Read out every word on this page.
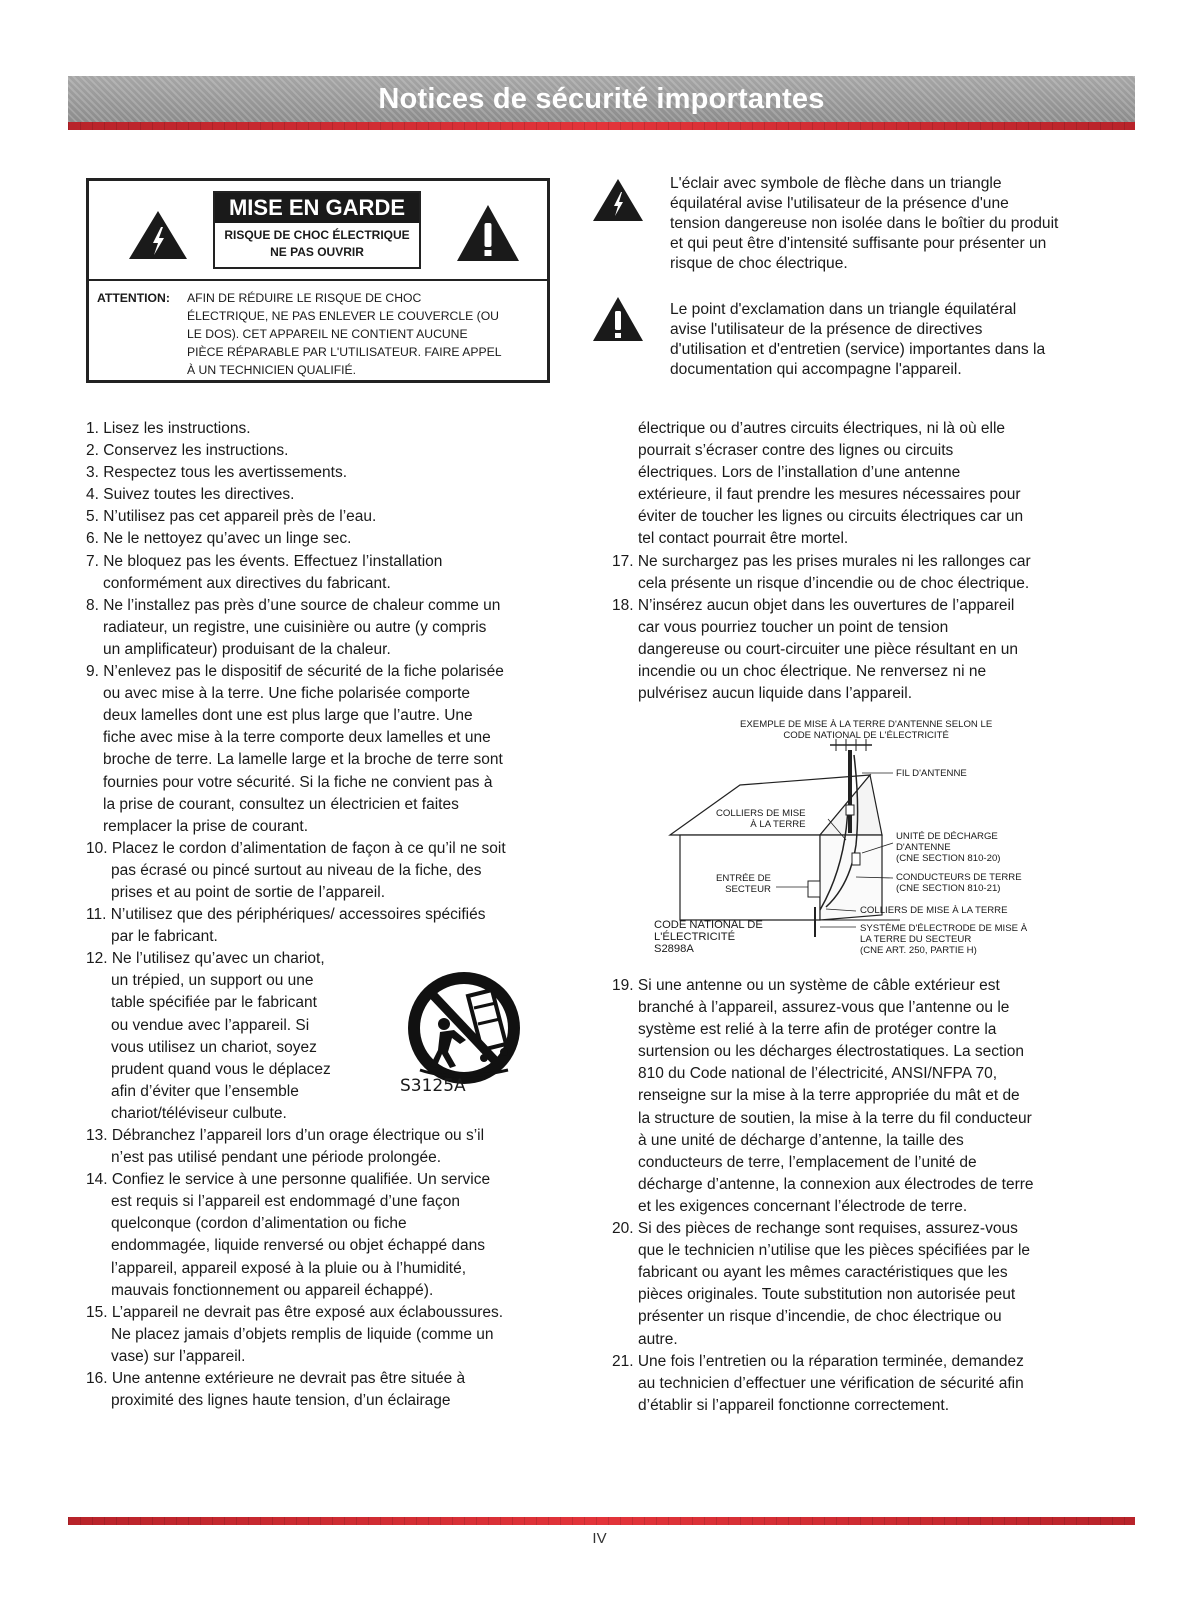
Notices de sécurité importantes
MISE EN GARDE
RISQUE DE CHOC ÉLECTRIQUE
NE PAS OUVRIR
ATTENTION:	AFIN DE RÉDUIRE LE RISQUE DE CHOC
ÉLECTRIQUE, NE PAS ENLEVER LE COUVERCLE (OU
LE DOS). CET APPAREIL NE CONTIENT AUCUNE
PIÈCE RÉPARABLE PAR L'UTILISATEUR. FAIRE APPEL
À UN TECHNICIEN QUALIFIÉ.
L'éclair avec symbole de flèche dans un triangle
équilatéral avise l'utilisateur de la présence d'une
tension dangereuse non isolée dans le boîtier du produit
et qui peut être d'intensité suffisante pour présenter un
risque de choc électrique.
Le point d'exclamation dans un triangle équilatéral
avise l'utilisateur de la présence de directives
d'utilisation et d'entretien (service) importantes dans la
documentation qui accompagne l'appareil.
1. Lisez les instructions.
2. Conservez les instructions.
3. Respectez tous les avertissements.
4. Suivez toutes les directives.
5. N’utilisez pas cet appareil près de l’eau.
6. Ne le nettoyez qu’avec un linge sec.
7. Ne bloquez pas les évents. Effectuez l’installation
conformément aux directives du fabricant.
8. Ne l’installez pas près d’une source de chaleur comme un
radiateur, un registre, une cuisinière ou autre (y compris
un amplificateur) produisant de la chaleur.
9. N’enlevez pas le dispositif de sécurité de la fiche polarisée
ou avec mise à la terre. Une fiche polarisée comporte
deux lamelles dont une est plus large que l’autre. Une
fiche avec mise à la terre comporte deux lamelles et une
broche de terre. La lamelle large et la broche de terre sont
fournies pour votre sécurité. Si la fiche ne convient pas à
la prise de courant, consultez un électricien et faites
remplacer la prise de courant.
10. Placez le cordon d’alimentation de façon à ce qu’il ne soit
pas écrasé ou pincé surtout au niveau de la fiche, des
prises et au point de sortie de l’appareil.
11. N’utilisez que des périphériques/ accessoires spécifiés
par le fabricant.
12. Ne l’utilisez qu’avec un chariot,
un trépied, un support ou une
table spécifiée par le fabricant
ou vendue avec l’appareil. Si
vous utilisez un chariot, soyez
prudent quand vous le déplacez
afin d’éviter que l’ensemble
chariot/téléviseur culbute.
13. Débranchez l’appareil lors d’un orage électrique ou s’il
n’est pas utilisé pendant une période prolongée.
14. Confiez le service à une personne qualifiée. Un service
est requis si l’appareil est endommagé d’une façon
quelconque (cordon d’alimentation ou fiche
endommagée, liquide renversé ou objet échappé dans
l’appareil, appareil exposé à la pluie ou à l’humidité,
mauvais fonctionnement ou appareil échappé).
15. L’appareil ne devrait pas être exposé aux éclaboussures.
Ne placez jamais d’objets remplis de liquide (comme un
vase) sur l’appareil.
16. Une antenne extérieure ne devrait pas être située à
proximité des lignes haute tension, d’un éclairage
S3125A
électrique ou d’autres circuits électriques, ni là où elle
pourrait s’écraser contre des lignes ou circuits
électriques. Lors de l’installation d’une antenne
extérieure, il faut prendre les mesures nécessaires pour
éviter de toucher les lignes ou circuits électriques car un
tel contact pourrait être mortel.
17. Ne surchargez pas les prises murales ni les rallonges car
cela présente un risque d’incendie ou de choc électrique.
18. N’insérez aucun objet dans les ouvertures de l’appareil
car vous pourriez toucher un point de tension
dangereuse ou court-circuiter une pièce résultant en un
incendie ou un choc électrique. Ne renversez ni ne
pulvérisez aucun liquide dans l’appareil.
EXEMPLE DE MISE À LA TERRE D'ANTENNE SELON LE
CODE NATIONAL DE L'ÉLECTRICITÉ
FIL D'ANTENNE
COLLIERS DE MISE
À LA TERRE
UNITÉ DE DÉCHARGE
D'ANTENNE
(CNE SECTION 810-20)
ENTRÉE DE
SECTEUR
CONDUCTEURS DE TERRE
(CNE SECTION 810-21)
COLLIERS DE MISE À LA TERRE
CODE NATIONAL DE
L'ÉLECTRICITÉ
S2898A
SYSTÈME D'ÉLECTRODE DE MISE À
LA TERRE DU SECTEUR
(CNE ART. 250, PARTIE H)
19. Si une antenne ou un système de câble extérieur est
branché à l’appareil, assurez-vous que l’antenne ou le
système est relié à la terre afin de protéger contre la
surtension ou les décharges électrostatiques. La section
810 du Code national de l’électricité, ANSI/NFPA 70,
renseigne sur la mise à la terre appropriée du mât et de
la structure de soutien, la mise à la terre du fil conducteur
à une unité de décharge d’antenne, la taille des
conducteurs de terre, l’emplacement de l’unité de
décharge d’antenne, la connexion aux électrodes de terre
et les exigences concernant l’électrode de terre.
20. Si des pièces de rechange sont requises, assurez-vous
que le technicien n’utilise que les pièces spécifiées par le
fabricant ou ayant les mêmes caractéristiques que les
pièces originales. Toute substitution non autorisée peut
présenter un risque d’incendie, de choc électrique ou
autre.
21. Une fois l’entretien ou la réparation terminée, demandez
au technicien d’effectuer une vérification de sécurité afin
d’établir si l’appareil fonctionne correctement.
IV
